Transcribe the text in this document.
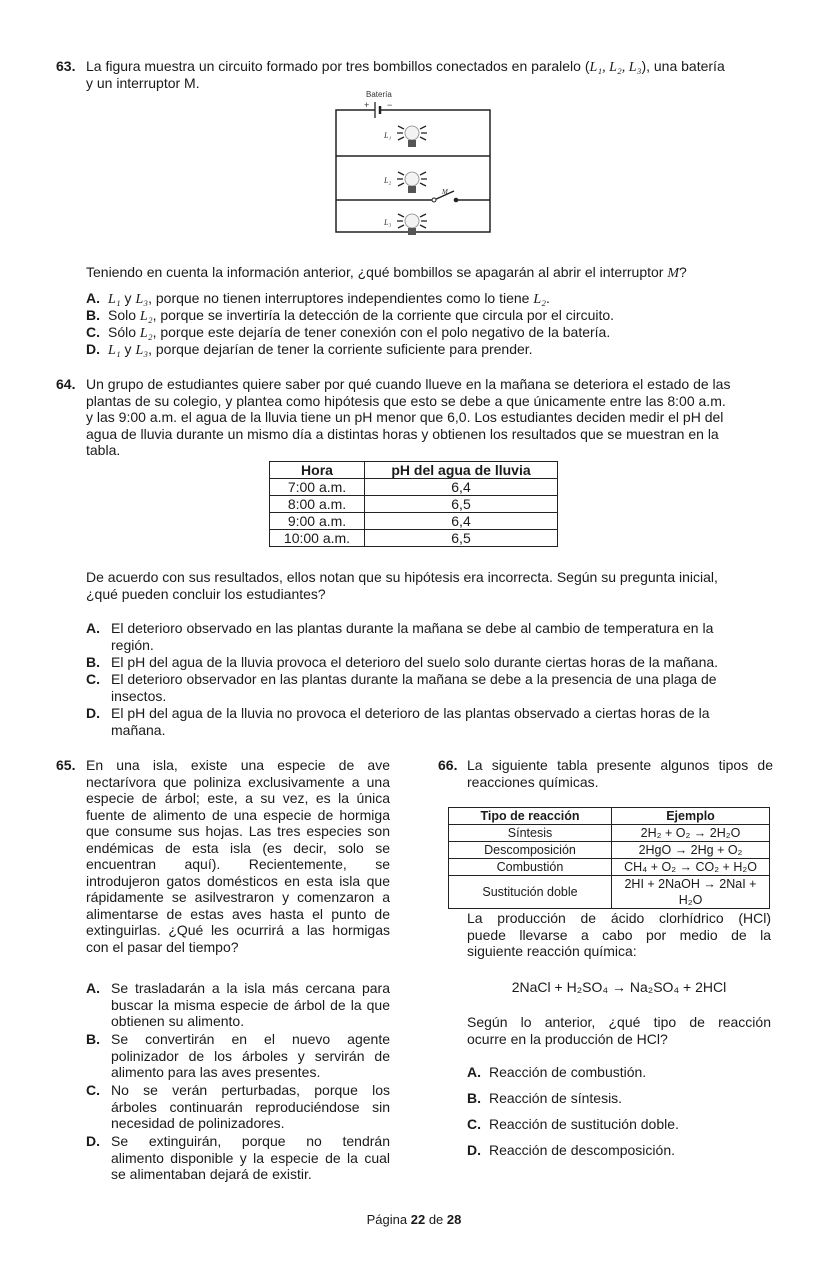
63. La figura muestra un circuito formado por tres bombillos conectados en paralelo (L₁, L₂, L₃), una batería
y un interruptor M.
Batería
+ −
M
L₁
L₂
L₃
Teniendo en cuenta la información anterior, ¿qué bombillos se apagarán al abrir el interruptor M?
A. L₁ y L₃, porque no tienen interruptores independientes como lo tiene L₂.
B. Solo L₂, porque se invertiría la detección de la corriente que circula por el circuito.
C. Sólo L₂, porque este dejaría de tener conexión con el polo negativo de la batería.
D. L₁ y L₃, porque dejarían de tener la corriente suficiente para prender.
64. Un grupo de estudiantes quiere saber por qué cuando llueve en la mañana se deteriora el estado de las
plantas de su colegio, y plantea como hipótesis que esto se debe a que únicamente entre las 8:00 a.m.
y las 9:00 a.m. el agua de la lluvia tiene un pH menor que 6,0. Los estudiantes deciden medir el pH del
agua de lluvia durante un mismo día a distintas horas y obtienen los resultados que se muestran en la
tabla.
Hora	pH del agua de lluvia
7:00 a.m.	6,4
8:00 a.m.	6,5
9:00 a.m.	6,4
10:00 a.m.	6,5
De acuerdo con sus resultados, ellos notan que su hipótesis era incorrecta. Según su pregunta inicial,
¿qué pueden concluir los estudiantes?
A. El deterioro observado en las plantas durante la mañana se debe al cambio de temperatura en la
región.
B. El pH del agua de la lluvia provoca el deterioro del suelo solo durante ciertas horas de la mañana.
C. El deterioro observador en las plantas durante la mañana se debe a la presencia de una plaga de
insectos.
D. El pH del agua de la lluvia no provoca el deterioro de las plantas observado a ciertas horas de la
mañana.
65. En una isla, existe una especie de ave
nectarívora que poliniza exclusivamente a una
especie de árbol; este, a su vez, es la única
fuente de alimento de una especie de hormiga
que consume sus hojas. Las tres especies son
endémicas de esta isla (es decir, solo se
encuentran aquí). Recientemente, se
introdujeron gatos domésticos en esta isla que
rápidamente se asilvestraron y comenzaron a
alimentarse de estas aves hasta el punto de
extinguirlas. ¿Qué les ocurrirá a las hormigas
con el pasar del tiempo?
A. Se trasladarán a la isla más cercana para
buscar la misma especie de árbol de la que
obtienen su alimento.
B. Se convertirán en el nuevo agente
polinizador de los árboles y servirán de
alimento para las aves presentes.
C. No se verán perturbadas, porque los
árboles continuarán reproduciéndose sin
necesidad de polinizadores.
D. Se extinguirán, porque no tendrán
alimento disponible y la especie de la cual
se alimentaban dejará de existir.
66. La siguiente tabla presente algunos tipos de
reacciones químicas.
Tipo de reacción	Ejemplo
Síntesis	2H₂ + O₂ → 2H₂O
Descomposición	2HgO → 2Hg + O₂
Combustión	CH₄ + O₂ → CO₂ + H₂O
Sustitución doble	2HI + 2NaOH → 2NaI + H₂O
La producción de ácido clorhídrico (HCl)
puede llevarse a cabo por medio de la
siguiente reacción química:
2NaCl + H₂SO₄ → Na₂SO₄ + 2HCl
Según lo anterior, ¿qué tipo de reacción
ocurre en la producción de HCl?
A. Reacción de combustión.
B. Reacción de síntesis.
C. Reacción de sustitución doble.
D. Reacción de descomposición.
Página 22 de 28
